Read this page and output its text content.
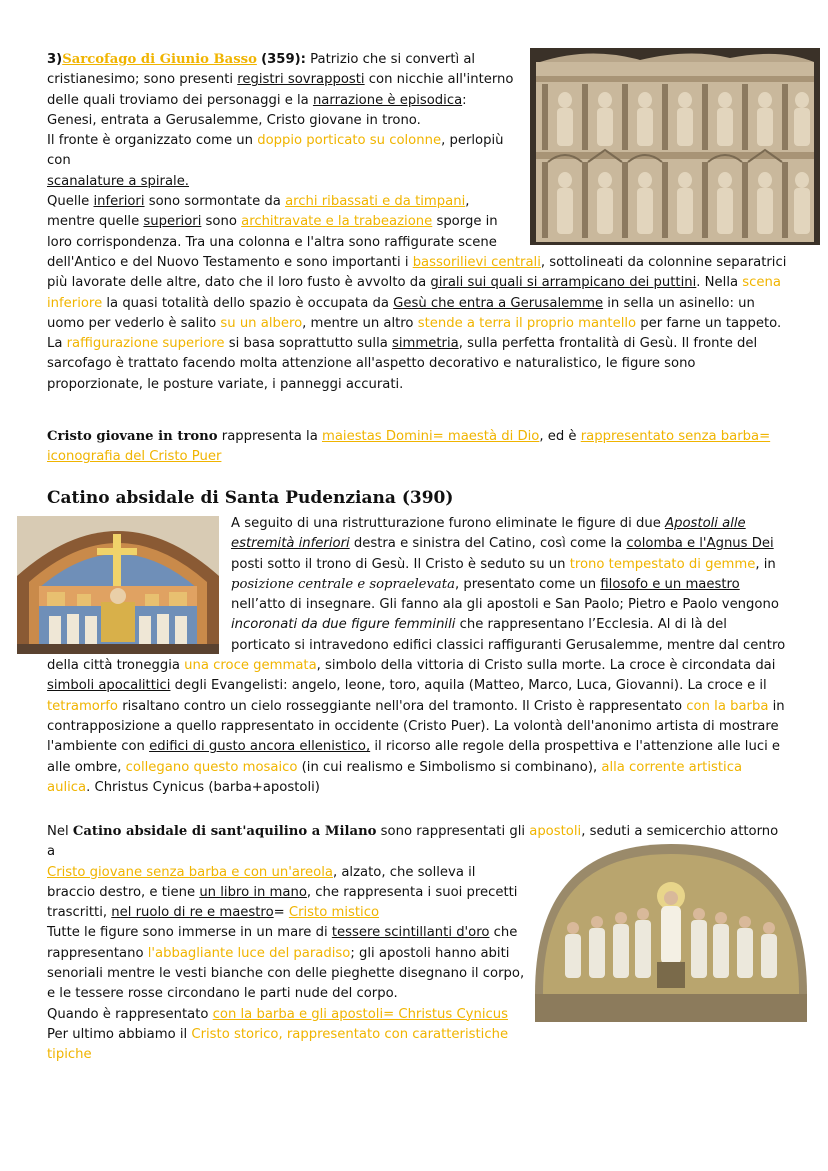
3)Sarcofago di Giunio Basso (359): Patrizio che si convertì al cristianesimo; sono presenti registri sovrapposti con nicchie all'interno delle quali troviamo dei personaggi e la narrazione è episodica: Genesi, entrata a Gerusalemme, Cristo giovane in trono.
Il fronte è organizzato come un doppio porticato su colonne, perlopiù con
scanalature a spirale.
Quelle inferiori sono sormontate da archi ribassati e da timpani, mentre quelle superiori sono architravate e la trabeazione sporge in loro corrispondenza. Tra una colonna e l'altra sono raffigurate scene dell'Antico e del Nuovo Testamento e sono importanti i bassorilievi centrali, sottolineati da colonnine separatrici più lavorate delle altre, dato che il loro fusto è avvolto da girali sui quali si arrampicano dei puttini. Nella scena inferiore la quasi totalità dello spazio è occupata da Gesù che entra a Gerusalemme in sella un asinello: un uomo per vederlo è salito su un albero, mentre un altro stende a terra il proprio mantello per farne un tappeto. La raffigurazione superiore si basa soprattutto sulla simmetria, sulla perfetta frontalità di Gesù. Il fronte del sarcofago è trattato facendo molta attenzione all'aspetto decorativo e naturalistico, le figure sono proporzionate, le posture variate, i panneggi accurati.
Cristo giovane in trono rappresenta la maiestas Domini= maestà di Dio, ed è rappresentato senza barba= iconografia del Cristo Puer
Catino absidale di Santa Pudenziana (390)
A seguito di una ristrutturazione furono eliminate le figure di due Apostoli alle estremità inferiori destra e sinistra del Catino, così come la colomba e l'Agnus Dei posti sotto il trono di Gesù. Il Cristo è seduto su un trono tempestato di gemme, in posizione centrale e sopraelevata, presentato come un filosofo e un maestro nell’atto di insegnare. Gli fanno ala gli apostoli e San Paolo; Pietro e Paolo vengono incoronati da due figure femminili che rappresentano l’Ecclesia. Al di là del porticato si intravedono edifici classici raffiguranti Gerusalemme, mentre dal centro della città troneggia una croce gemmata, simbolo della vittoria di Cristo sulla morte. La croce è circondata dai simboli apocalittici degli Evangelisti: angelo, leone, toro, aquila (Matteo, Marco, Luca, Giovanni). La croce e il tetramorfo risaltano contro un cielo rosseggiante nell'ora del tramonto. Il Cristo è rappresentato con la barba in contrapposizione a quello rappresentato in occidente (Cristo Puer). La volontà dell'anonimo artista di mostrare l'ambiente con edifici di gusto ancora ellenistico, il ricorso alle regole della prospettiva e l'attenzione alle luci e alle ombre, collegano questo mosaico (in cui realismo e Simbolismo si combinano), alla corrente artistica aulica. Christus Cynicus (barba+apostoli)
Nel Catino absidale di sant'aquilino a Milano sono rappresentati gli apostoli, seduti a semicerchio attorno a

Cristo giovane senza barba e con un'areola, alzato, che solleva il braccio destro, e tiene un libro in mano, che rappresenta i suoi precetti trascritti, nel ruolo di re e maestro= Cristo mistico
Tutte le figure sono immerse in un mare di tessere scintillanti d'oro che rappresentano l'abbagliante luce del paradiso; gli apostoli hanno abiti senoriali mentre le vesti bianche con delle pieghette disegnano il corpo, e le tessere rosse circondano le parti nude del corpo.
Quando è rappresentato con la barba e gli apostoli= Christus Cynicus
Per ultimo abbiamo il Cristo storico, rappresentato con caratteristiche tipiche
